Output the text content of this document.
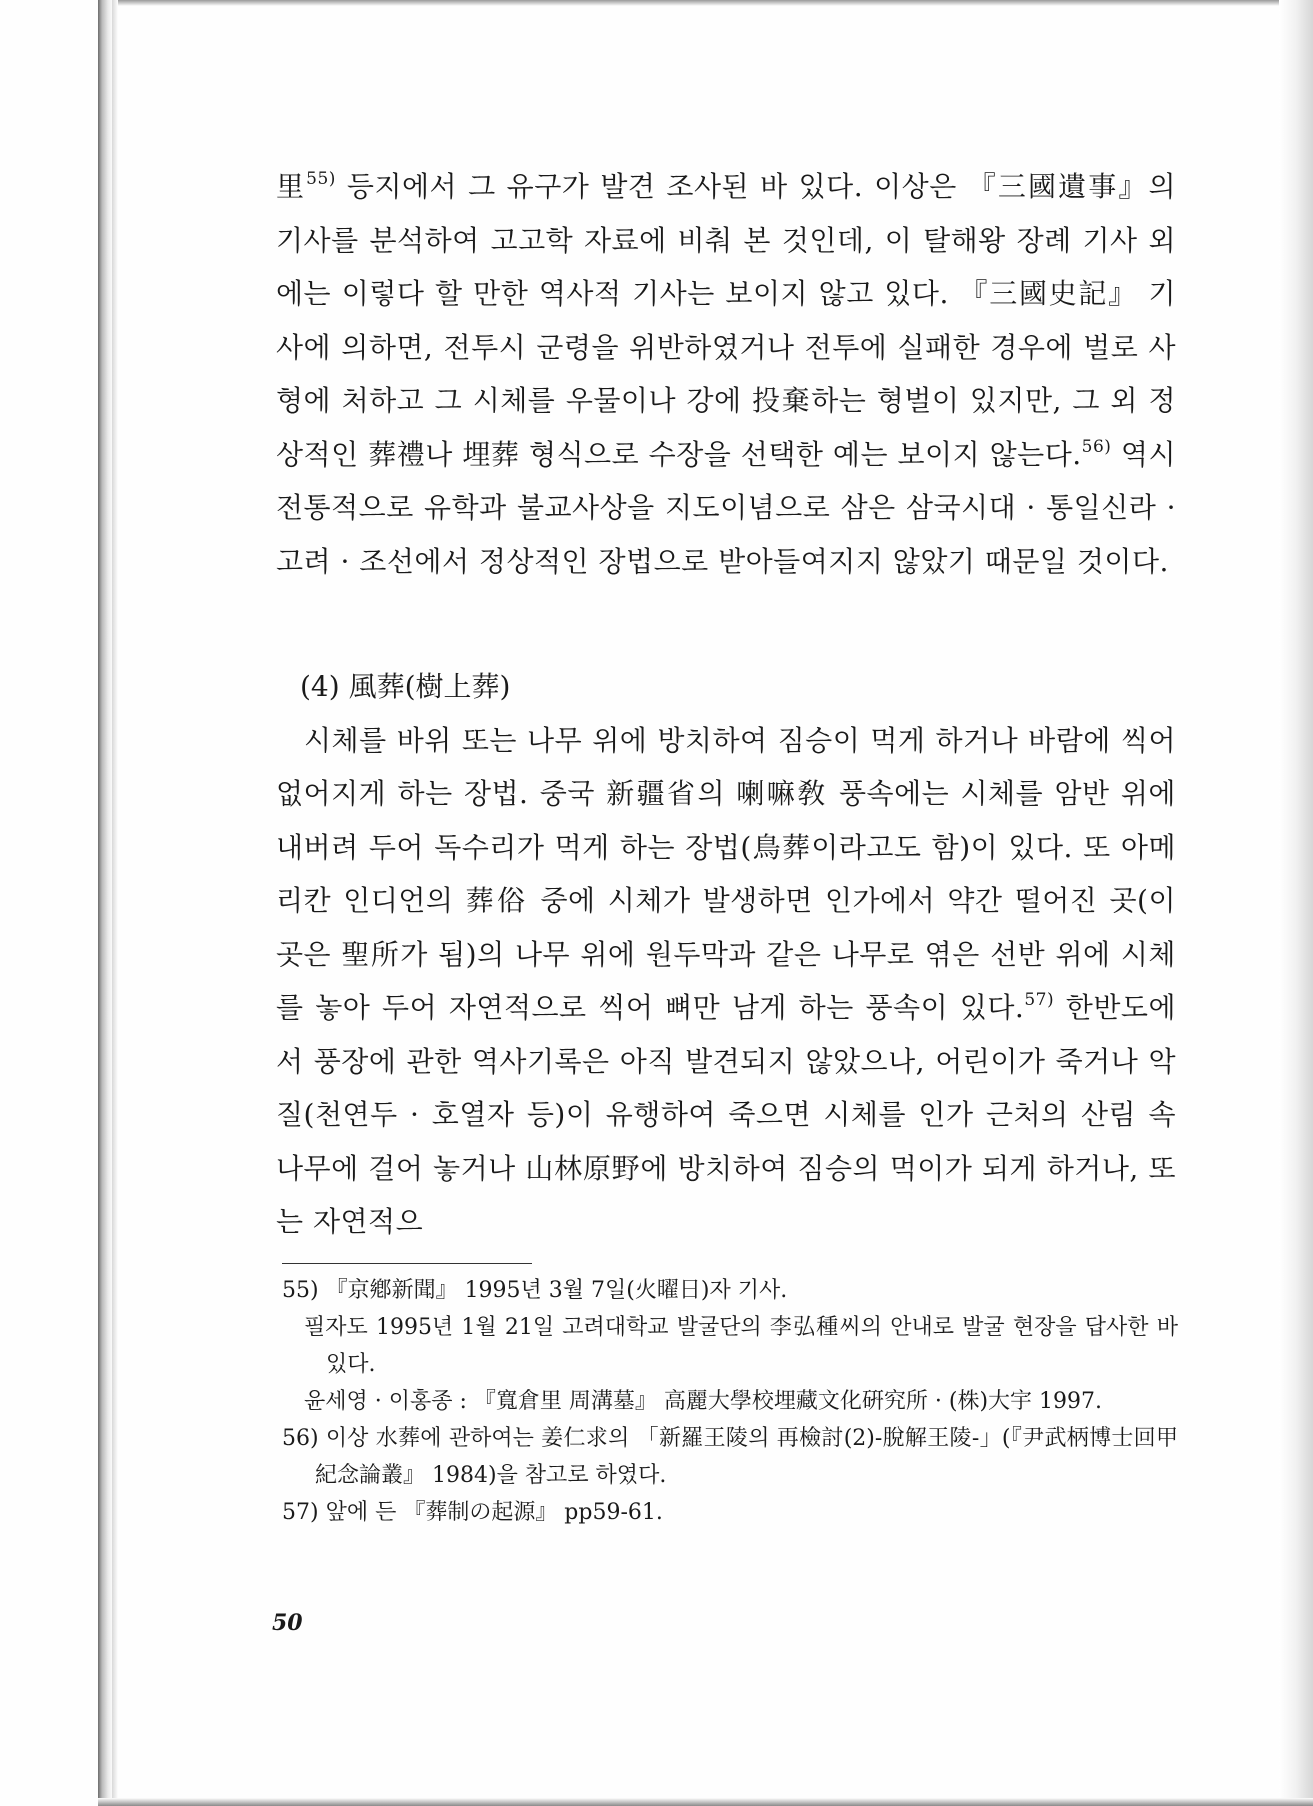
里$^{55)}$ 등지에서 그 유구가 발견 조사된 바 있다. 이상은 『三國遺事』의 기사를 분석하여 고고학 자료에 비춰 본 것인데, 이 탈해왕 장례 기사 외에는 이렇다 할 만한 역사적 기사는 보이지 않고 있다. 『三國史記』 기사에 의하면, 전투시 군령을 위반하였거나 전투에 실패한 경우에 벌로 사형에 처하고 그 시체를 우물이나 강에 投棄하는 형벌이 있지만, 그 외 정상적인 葬禮나 埋葬 형식으로 수장을 선택한 예는 보이지 않는다.$^{56)}$ 역시 전통적으로 유학과 불교사상을 지도이념으로 삼은 삼국시대 · 통일신라 · 고려 · 조선에서 정상적인 장법으로 받아들여지지 않았기 때문일 것이다.

(4) 風葬(樹上葬)

시체를 바위 또는 나무 위에 방치하여 짐승이 먹게 하거나 바람에 씩어 없어지게 하는 장법. 중국 新疆省의 喇嘛敎 풍속에는 시체를 암반 위에 내버려 두어 독수리가 먹게 하는 장법(鳥葬이라고도 함)이 있다. 또 아메리칸 인디언의 葬俗 중에 시체가 발생하면 인가에서 약간 떨어진 곳(이 곳은 聖所가 됨)의 나무 위에 원두막과 같은 나무로 엮은 선반 위에 시체를 놓아 두어 자연적으로 씩어 뼈만 남게 하는 풍속이 있다.$^{57)}$ 한반도에서 풍장에 관한 역사기록은 아직 발견되지 않았으나, 어린이가 죽거나 악질(천연두 · 호열자 등)이 유행하여 죽으면 시체를 인가 근처의 산림 속 나무에 걸어 놓거나 山林原野에 방치하여 짐승의 먹이가 되게 하거나, 또는 자연적으

55) 『京鄕新聞』 1995년 3월 7일(火曜日)자 기사.

필자도 1995년 1월 21일 고려대학교 발굴단의 李弘種씨의 안내로 발굴 현장을 답사한 바 있다.

윤세영 · 이홍종 : 『寬倉里 周溝墓』 高麗大學校埋藏文化硏究所 · (株)大宇 1997.

56) 이상 水葬에 관하여는 姜仁求의 「新羅王陵의 再檢討(2)-脫解王陵-」(『尹武柄博士回甲紀念論叢』 1984)을 참고로 하였다.

57) 앞에 든 『葬制の起源』 pp59-61.

50
